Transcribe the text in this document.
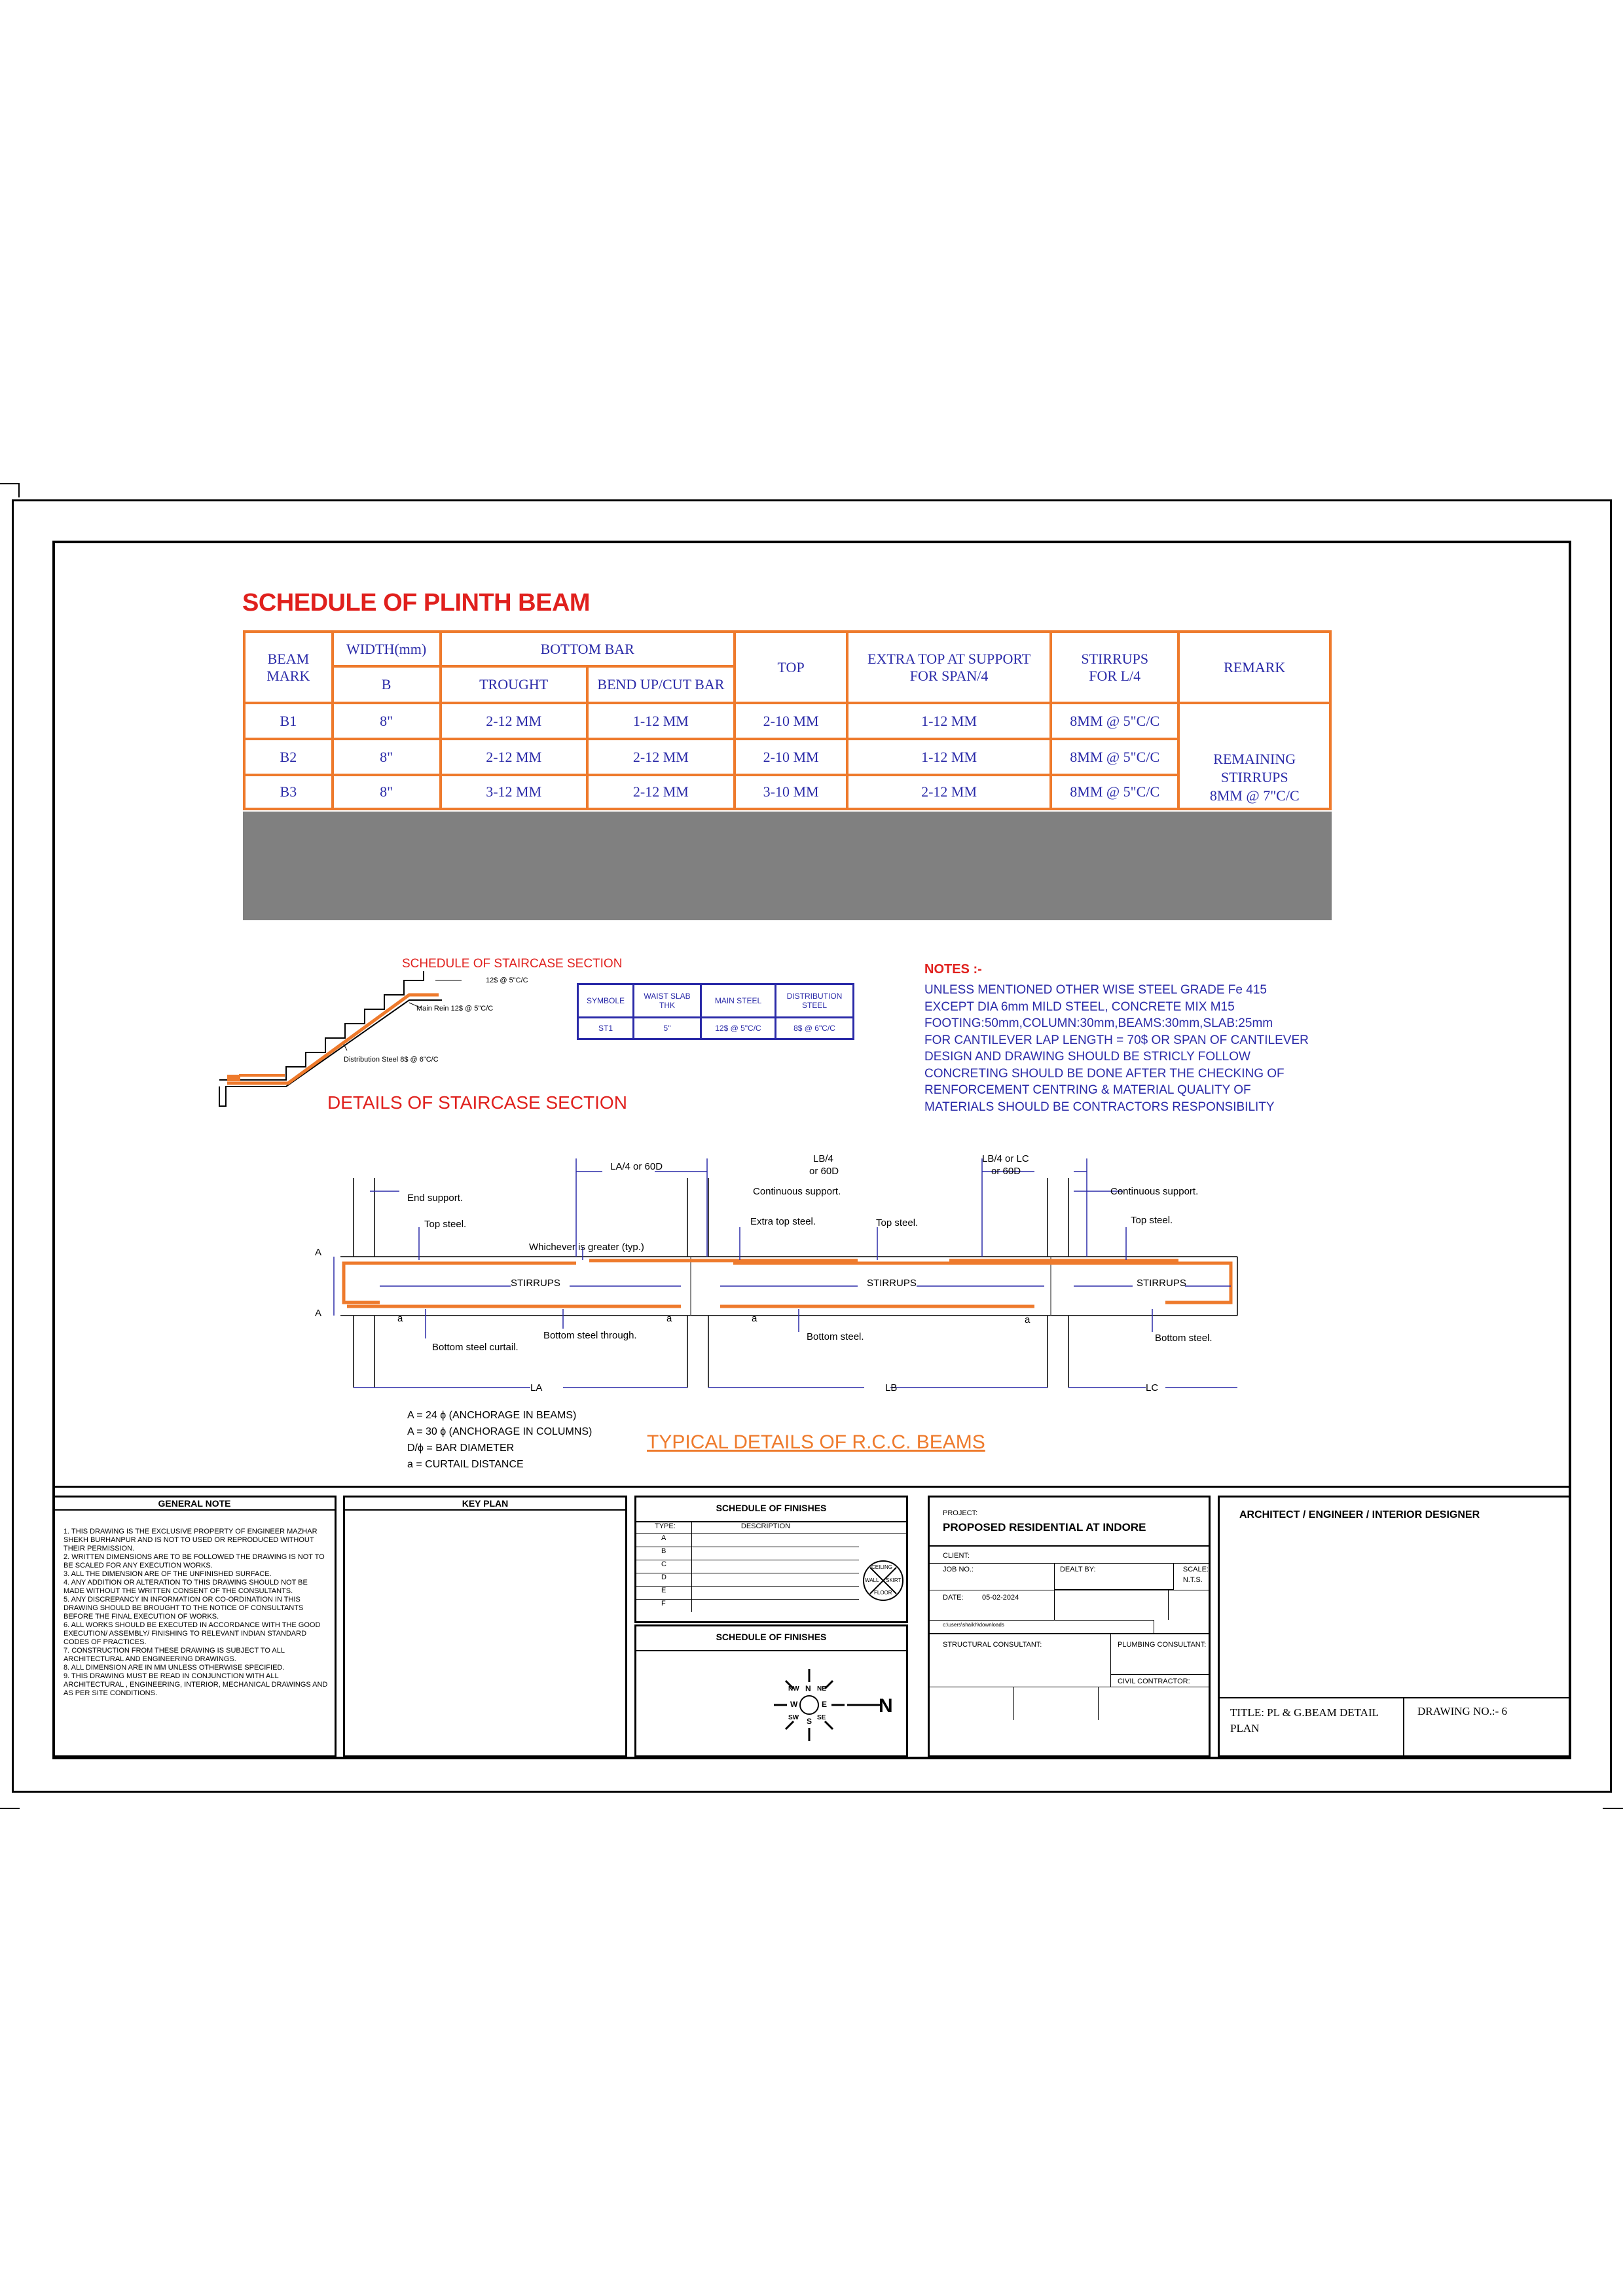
SCHEDULE OF PLINTH BEAM
BEAM MARK	WIDTH(mm)	BOTTOM BAR		TOP	EXTRA TOP AT SUPPORT FOR SPAN/4	STIRRUPS FOR L/4	REMARK
	B	TROUGHT	BEND UP/CUT BAR				
B1	8"	2-12 MM	1-12 MM	2-10 MM	1-12 MM	8MM @ 5"C/C	REMAINING STIRRUPS 8MM @ 7"C/C

B2	8"	2-12 MM	2-12 MM	2-10 MM	1-12 MM	8MM @ 5"C/C	
B3	8"	3-12 MM	2-12 MM	3-10 MM	2-12 MM	8MM @ 5"C/C	
SCHEDULE OF STAIRCASE SECTION
12$ @ 5"C/C
Main Rein 12$ @ 5"C/C
Distribution Steel 8$ @ 6"C/C
DETAILS OF STAIRCASE SECTION
SYMBOLE	WAIST SLAB THK	MAIN STEEL	DISTRIBUTION STEEL
ST1	5"	12$ @ 5"C/C	8$ @ 6"C/C
NOTES :-
UNLESS MENTIONED OTHER WISE STEEL GRADE Fe 415
EXCEPT DIA 6mm MILD STEEL, CONCRETE MIX M15
FOOTING:50mm,COLUMN:30mm,BEAMS:30mm,SLAB:25mm
FOR CANTILEVER LAP LENGTH = 70$ OR SPAN OF CANTILEVER
DESIGN AND DRAWING SHOULD BE STRICLY FOLLOW
CONCRETING SHOULD BE DONE AFTER THE CHECKING OF
RENFORCEMENT CENTRING & MATERIAL QUALITY OF
MATERIALS SHOULD BE CONTRACTORS RESPONSIBILITY
LA/4 or 60D
LB/4
or 60D
LB/4 or LC
or 60D
End support.
Continuous support.	Continuous support.
Top steel.	Extra top steel.	Top steel.	Top steel.
Whichever is greater (typ.)
STIRRUPS	STIRRUPS	STIRRUPS
A
A	a	a	a	a
Bottom steel curtail.
Bottom steel through.	Bottom steel.	Bottom steel.
LA	LB	LC
A = 24 ϕ (ANCHORAGE IN BEAMS)
A = 30 ϕ (ANCHORAGE IN COLUMNS)
D/ϕ = BAR DIAMETER
a = CURTAIL DISTANCE
TYPICAL DETAILS OF R.C.C. BEAMS
GENERAL NOTE
1. THIS DRAWING IS THE EXCLUSIVE PROPERTY OF ENGINEER MAZHAR SHEKH BURHANPUR AND IS NOT TO USED OR REPRODUCED WITHOUT THEIR PERMISSION.
2. WRITTEN DIMENSIONS ARE TO BE FOLLOWED THE DRAWING IS NOT TO BE SCALED FOR ANY EXECUTION WORKS.
3. ALL THE DIMENSION ARE OF THE UNFINISHED SURFACE.
4. ANY ADDITION OR ALTERATION TO THIS DRAWING SHOULD NOT BE MADE WITHOUT THE WRITTEN CONSENT OF THE CONSULTANTS.
5. ANY DISCREPANCY IN INFORMATION OR CO-ORDINATION IN THIS DRAWING SHOULD BE BROUGHT TO THE NOTICE OF CONSULTANTS BEFORE THE FINAL EXECUTION OF WORKS.
6. ALL WORKS SHOULD BE EXECUTED IN ACCORDANCE WITH THE GOOD EXECUTION/ ASSEMBLY/ FINISHING TO RELEVANT INDIAN STANDARD CODES OF PRACTICES.
7. CONSTRUCTION FROM THESE DRAWING IS SUBJECT TO ALL ARCHITECTURAL AND ENGINEERING DRAWINGS.
8. ALL DIMENSION ARE IN MM UNLESS OTHERWISE SPECIFIED.
9. THIS DRAWING MUST BE READ IN CONJUNCTION WITH ALL ARCHITECTURAL , ENGINEERING, INTERIOR, MECHANICAL DRAWINGS AND AS PER SITE CONDITIONS.
KEY PLAN	SCHEDULE OF FINISHES
TYPE:	DESCRIPTION
A
B
C
D
E
F
CEILING
WALL SKIRT
FLOOR
SCHEDULE OF FINISHES
W
N
E
S
NW	NE
SW	SE
N
PROJECT:
PROPOSED RESIDENTIAL AT INDORE
CLIENT:
JOB NO.:	DEALT BY:	SCALE:
N.T.S.
DATE:	05-02-2024
c:\users\shaikh\downloads
STRUCTURAL CONSULTANT:	PLUMBING CONSULTANT:
CIVIL CONTRACTOR:
ARCHITECT / ENGINEER / INTERIOR DESIGNER
TITLE: PL & G.BEAM DETAIL PLAN
DRAWING NO.:- 6
